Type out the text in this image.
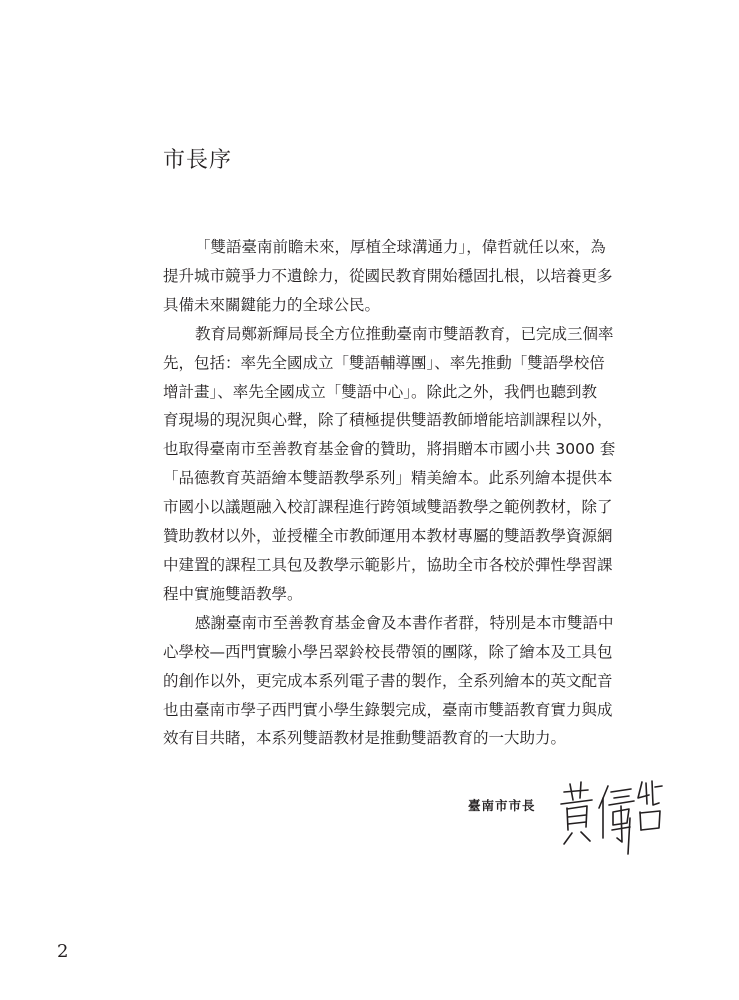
市長序

「雙語臺南前瞻未來，厚植全球溝通力」，偉哲就任以來，為
提升城市競爭力不遺餘力，從國民教育開始穩固扎根，以培養更多
具備未來關鍵能力的全球公民。

教育局鄭新輝局長全方位推動臺南市雙語教育，已完成三個率
先，包括：率先全國成立「雙語輔導團」、率先推動「雙語學校倍
增計畫」、率先全國成立「雙語中心」。除此之外，我們也聽到教
育現場的現況與心聲，除了積極提供雙語教師增能培訓課程以外，
也取得臺南市至善教育基金會的贊助，將捐贈本市國小共 3000 套
「品德教育英語繪本雙語教學系列」精美繪本。此系列繪本提供本
市國小以議題融入校訂課程進行跨領域雙語教學之範例教材，除了
贊助教材以外，並授權全市教師運用本教材專屬的雙語教學資源網
中建置的課程工具包及教學示範影片，協助全市各校於彈性學習課
程中實施雙語教學。

感謝臺南市至善教育基金會及本書作者群，特別是本市雙語中
心學校—西門實驗小學呂翠鈴校長帶領的團隊，除了繪本及工具包
的創作以外，更完成本系列電子書的製作，全系列繪本的英文配音
也由臺南市學子西門實小學生錄製完成，臺南市雙語教育實力與成
效有目共睹，本系列雙語教材是推動雙語教育的一大助力。

臺南市市長
2
